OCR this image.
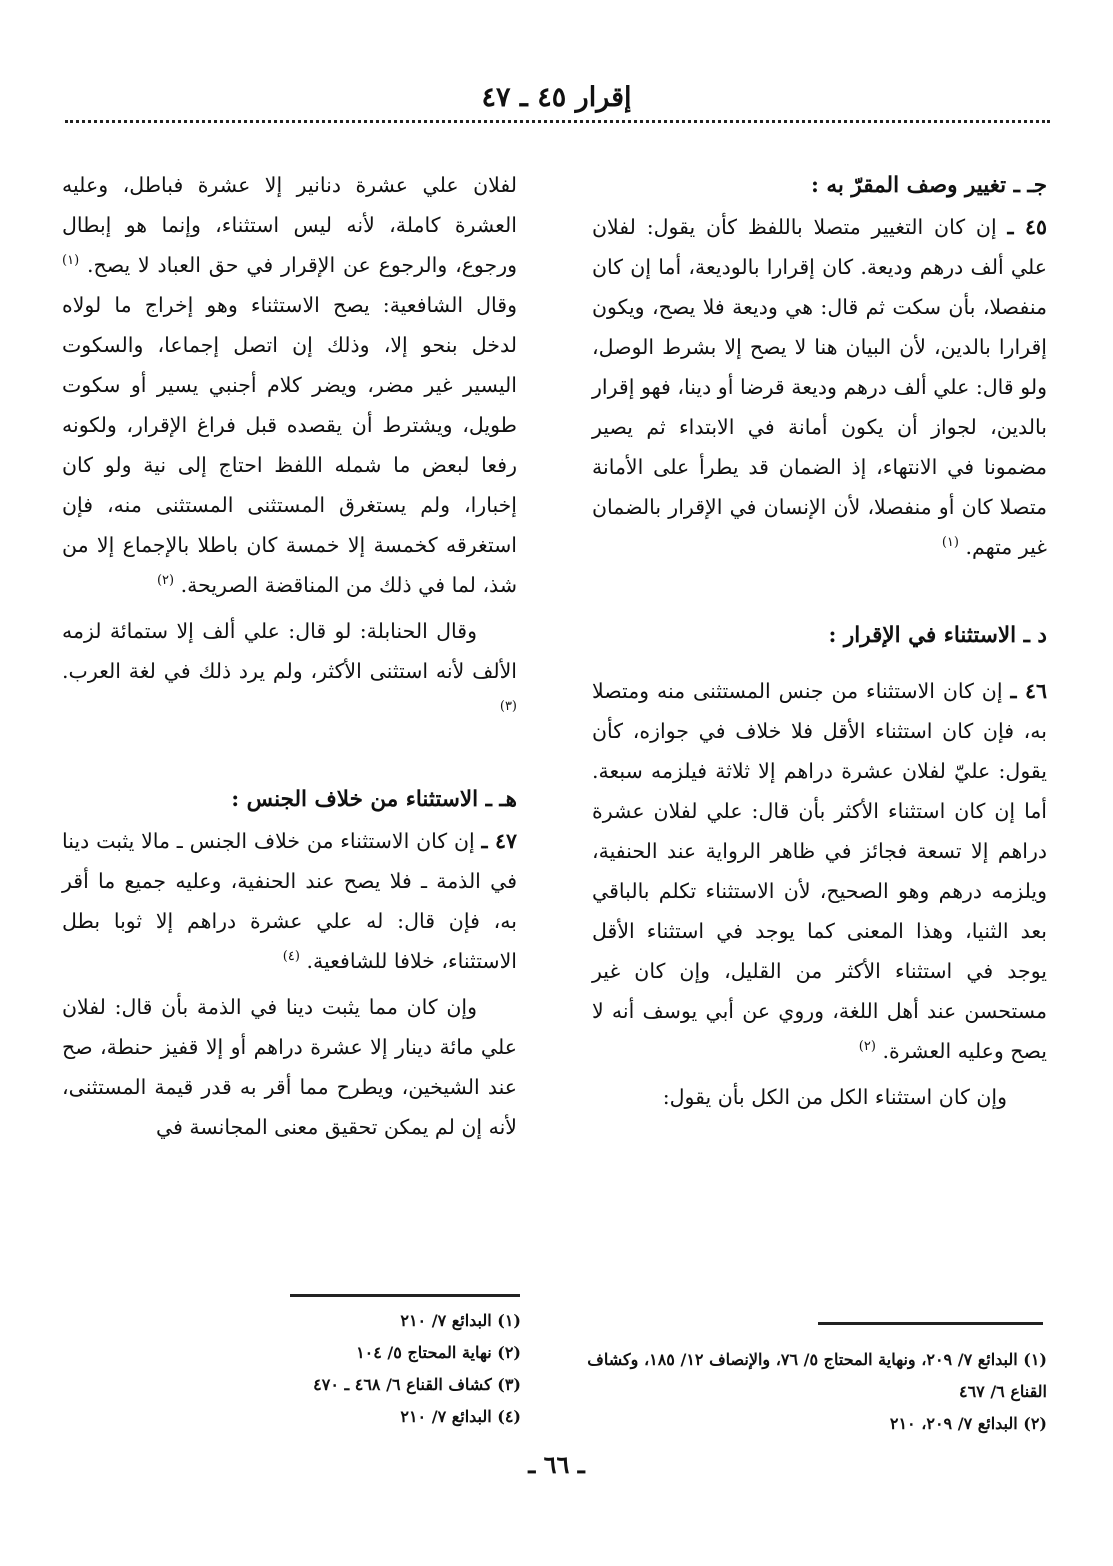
إقرار ٤٥ ـ ٤٧
جـ ـ تغيير وصف المقرّ به :

٤٥ ـ إن كان التغيير متصلا باللفظ كأن يقول: لفلان علي ألف درهم وديعة. كان إقرارا بالوديعة، أما إن كان منفصلا، بأن سكت ثم قال: هي وديعة فلا يصح، ويكون إقرارا بالدين، لأن البيان هنا لا يصح إلا بشرط الوصل، ولو قال: علي ألف درهم وديعة قرضا أو دينا، فهو إقرار بالدين، لجواز أن يكون أمانة في الابتداء ثم يصير مضمونا في الانتهاء، إذ الضمان قد يطرأ على الأمانة متصلا كان أو منفصلا، لأن الإنسان في الإقرار بالضمان غير متهم. $^{(١)}$

د ـ الاستثناء في الإقرار :

٤٦ ـ إن كان الاستثناء من جنس المستثنى منه ومتصلا به، فإن كان استثناء الأقل فلا خلاف في جوازه، كأن يقول: عليّ لفلان عشرة دراهم إلا ثلاثة فيلزمه سبعة. أما إن كان استثناء الأكثر بأن قال: علي لفلان عشرة دراهم إلا تسعة فجائز في ظاهر الرواية عند الحنفية، ويلزمه درهم وهو الصحيح، لأن الاستثناء تكلم بالباقي بعد الثنيا، وهذا المعنى كما يوجد في استثناء الأقل يوجد في استثناء الأكثر من القليل، وإن كان غير مستحسن عند أهل اللغة، وروي عن أبي يوسف أنه لا يصح وعليه العشرة. $^{(٢)}$

وإن كان استثناء الكل من الكل بأن يقول:

لفلان علي عشرة دنانير إلا عشرة فباطل، وعليه العشرة كاملة، لأنه ليس استثناء، وإنما هو إبطال ورجوع، والرجوع عن الإقرار في حق العباد لا يصح. $^{(١)}$ وقال الشافعية: يصح الاستثناء وهو إخراج ما لولاه لدخل بنحو إلا، وذلك إن اتصل إجماعا، والسكوت اليسير غير مضر، ويضر كلام أجنبي يسير أو سكوت طويل، ويشترط أن يقصده قبل فراغ الإقرار، ولكونه رفعا لبعض ما شمله اللفظ احتاج إلى نية ولو كان إخبارا، ولم يستغرق المستثنى المستثنى منه، فإن استغرقه كخمسة إلا خمسة كان باطلا بالإجماع إلا من شذ، لما في ذلك من المناقضة الصريحة. $^{(٢)}$

وقال الحنابلة: لو قال: علي ألف إلا ستمائة لزمه الألف لأنه استثنى الأكثر، ولم يرد ذلك في لغة العرب. $^{(٣)}$

هـ ـ الاستثناء من خلاف الجنس :

٤٧ ـ إن كان الاستثناء من خلاف الجنس ـ مالا يثبت دينا في الذمة ـ فلا يصح عند الحنفية، وعليه جميع ما أقر به، فإن قال: له علي عشرة دراهم إلا ثوبا بطل الاستثناء، خلافا للشافعية. $^{(٤)}$

وإن كان مما يثبت دينا في الذمة بأن قال: لفلان علي مائة دينار إلا عشرة دراهم أو إلا قفيز حنطة، صح عند الشيخين، ويطرح مما أقر به قدر قيمة المستثنى، لأنه إن لم يمكن تحقيق معنى المجانسة في

(١) البدائع ٧/ ٢٠٩، ونهاية المحتاج ٥/ ٧٦، والإنصاف ١٢/ ١٨٥، وكشاف القناع ٦/ ٤٦٧
(٢) البدائع ٧/ ٢٠٩، ٢١٠
(١) البدائع ٧/ ٢١٠
(٢) نهاية المحتاج ٥/ ١٠٤
(٣) كشاف القناع ٦/ ٤٦٨ ـ ٤٧٠
(٤) البدائع ٧/ ٢١٠
ـ ٦٦ ـ
